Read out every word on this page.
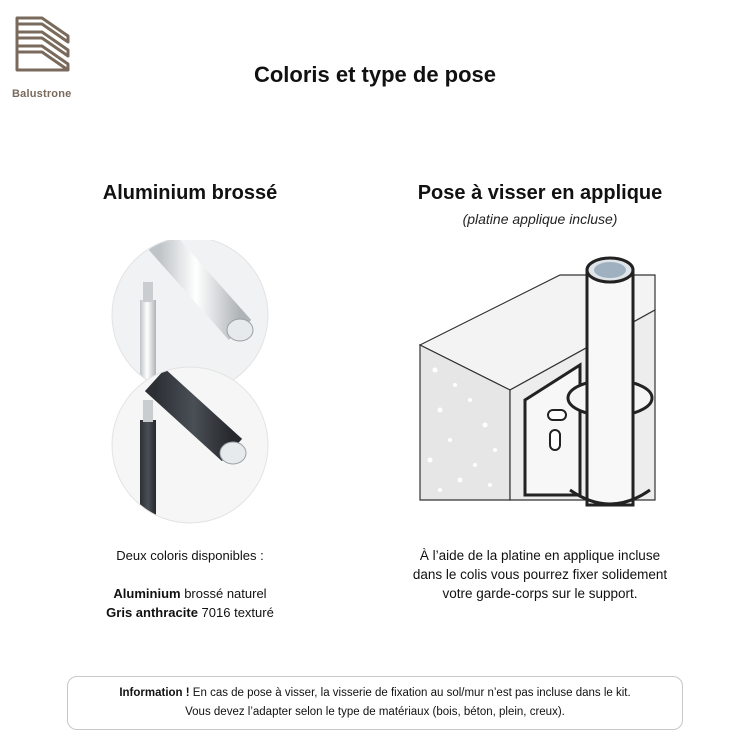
Balustrone
Coloris et type de pose
Aluminium brossé
Deux coloris disponibles :
Aluminium brossé naturel
Gris anthracite 7016 texturé
Pose à visser en applique
(platine applique incluse)
À l’aide de la platine en applique incluse
dans le colis vous pourrez fixer solidement
votre garde-corps sur le support.
Information ! En cas de pose à visser, la visserie de fixation au sol/mur n’est pas incluse dans le kit.
Vous devez l’adapter selon le type de matériaux (bois, béton, plein, creux).
